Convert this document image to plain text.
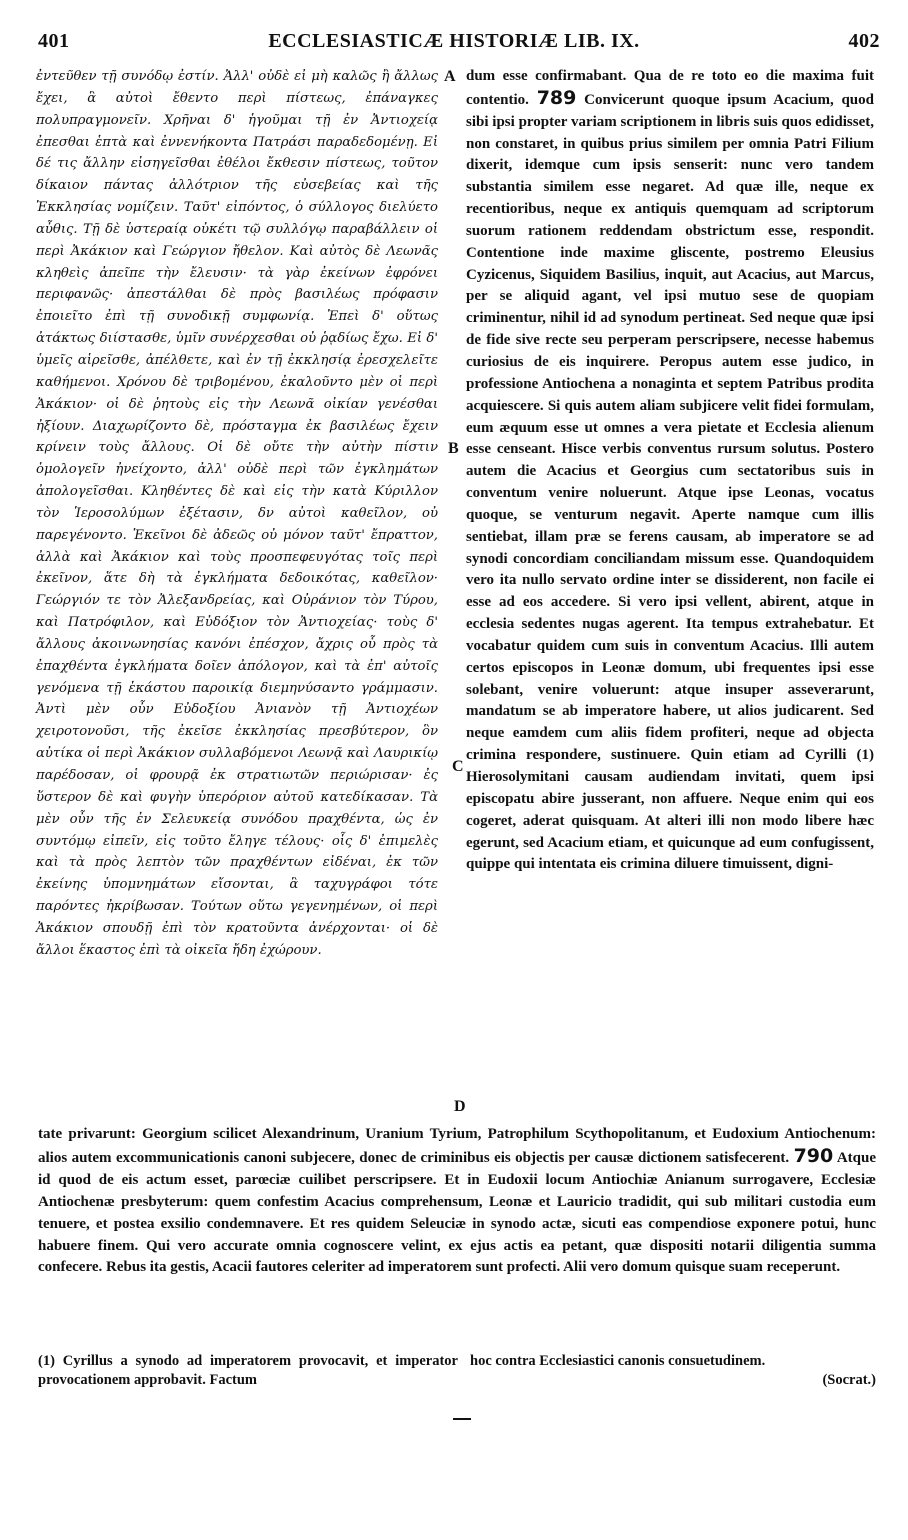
401	ECCLESIASTICÆ HISTORIÆ LIB. IX.	402

ἐντεῦθεν τῇ συνόδῳ ἐστίν. Ἀλλ' οὐδὲ εἰ μὴ καλῶς ἢ ἄλλως ἔχει, ἃ αὐτοὶ ἔθεντο περὶ πίστεως, ἐπάναγκες πολυπραγμονεῖν. Χρῆναι δ' ἡγοῦμαι τῇ ἐν Ἀντιοχείᾳ ἐπεσθαι ἑπτὰ καὶ ἐννενήκοντα Πατράσι παραδεδομένῃ. Εἰ δέ τις ἄλλην εἰσηγεῖσθαι ἐθέλοι ἔκθεσιν πίστεως, τοῦτον δίκαιον πάντας ἀλλότριον τῆς εὐσεβείας καὶ τῆς Ἐκκλησίας νομίζειν. Ταῦτ' εἰπόντος, ὁ σύλλογος διελύετο αὖθις. Τῇ δὲ ὑστεραίᾳ οὐκέτι τῷ συλλόγῳ παραβάλλειν οἱ περὶ Ἀκάκιον καὶ Γεώργιον ἤθελον. Καὶ αὐτὸς δὲ Λεωνᾶς κληθεὶς ἀπεῖπε τὴν ἔλευσιν· τὰ γὰρ ἐκείνων ἐφρόνει περιφανῶς· ἀπεστάλθαι δὲ πρὸς βασιλέως πρόφασιν ἐποιεῖτο ἐπὶ τῇ συνοδικῇ συμφωνίᾳ. Ἐπεὶ δ' οὕτως ἀτάκτως διίστασθε, ὑμῖν συνέρχεσθαι οὐ ῥᾳδίως ἔχω. Εἰ δ' ὑμεῖς αἱρεῖσθε, ἀπέλθετε, καὶ ἐν τῇ ἐκκλησίᾳ ἐρεσχελεῖτε καθήμενοι. Χρόνου δὲ τριβομένου, ἐκαλοῦντο μὲν οἱ περὶ Ἀκάκιον· οἱ δὲ ῥητοὺς εἰς τὴν Λεωνᾶ οἰκίαν γενέσθαι ἠξίουν. Διαχωρίζοντο δὲ, πρόσταγμα ἐκ βασιλέως ἔχειν κρίνειν τοὺς ἄλλους. Οἱ δὲ οὔτε τὴν αὐτὴν πίστιν ὁμολογεῖν ἠνείχοντο, ἀλλ' οὐδὲ περὶ τῶν ἐγκλημάτων ἀπολογεῖσθαι. Κληθέντες δὲ καὶ εἰς τὴν κατὰ Κύριλλον τὸν Ἱεροσολύμων ἐξέτασιν, δν αὐτοὶ καθεῖλον, οὐ παρεγένοντο. Ἐκεῖνοι δὲ ἀδεῶς οὐ μόνον ταῦτ' ἔπραττον, ἀλλὰ καὶ Ἀκάκιον καὶ τοὺς προσπεφευγότας τοῖς περὶ ἐκεῖνον, ἅτε δὴ τὰ ἐγκλήματα δεδοικότας, καθεῖλον· Γεώργιόν τε τὸν Ἀλεξανδρείας, καὶ Οὐράνιον τὸν Τύρου, καὶ Πατρόφιλον, καὶ Εὐδόξιον τὸν Ἀντιοχείας· τοὺς δ' ἄλλους ἀκοινωνησίας κανόνι ἐπέσχον, ἄχρις οὗ πρὸς τὰ ἐπαχθέντα ἐγκλήματα δοῖεν ἀπόλογον, καὶ τὰ ἐπ' αὐτοῖς γενόμενα τῇ ἑκάστου παροικίᾳ διεμηνύσαντο γράμμασιν. Ἀντὶ μὲν οὖν Εὐδοξίου Ἀνιανὸν τῇ Ἀντιοχέων χειροτονοῦσι, τῆς ἐκεῖσε ἐκκλησίας πρεσβύτερον, ὃν αὐτίκα οἱ περὶ Ἀκάκιον συλλαβόμενοι Λεωνᾷ καὶ Λαυρικίῳ παρέδοσαν, οἱ φρουρᾷ ἐκ στρατιωτῶν περιώρισαν· ἐς ὕστερον δὲ καὶ φυγὴν ὑπερόριον αὐτοῦ κατεδίκασαν. Τὰ μὲν οὖν τῆς ἐν Σελευκείᾳ συνόδου πραχθέντα, ὡς ἐν συντόμῳ εἰπεῖν, εἰς τοῦτο ἔληγε τέλους· οἷς δ' ἐπιμελὲς καὶ τὰ πρὸς λεπτὸν τῶν πραχθέντων εἰδέναι, ἐκ τῶν ἐκείνης ὑπομνημάτων εἴσονται, ἃ ταχυγράφοι τότε παρόντες ἠκρίβωσαν. Τούτων οὕτω γεγενημένων, οἱ περὶ Ἀκάκιον σπουδῇ ἐπὶ τὸν κρατοῦντα ἀνέρχονται· οἱ δὲ ἄλλοι ἕκαστος ἐπὶ τὰ οἰκεῖα ἤδη ἐχώρουν.

A
B
C
D

dum esse confirmabant. Qua de re toto eo die maxima fuit contentio. 789 Convicerunt quoque ipsum Acacium, quod sibi ipsi propter variam scriptionem in libris suis quos edidisset, non constaret, in quibus prius similem per omnia Patri Filium dixerit, idemque cum ipsis senserit: nunc vero tandem substantia similem esse negaret. Ad quæ ille, neque ex recentioribus, neque ex antiquis quemquam ad scriptorum suorum rationem reddendam obstrictum esse, respondit. Contentione inde maxime gliscente, postremo Eleusius Cyzicenus, Siquidem Basilius, inquit, aut Acacius, aut Marcus, per se aliquid agant, vel ipsi mutuo sese de quopiam criminentur, nihil id ad synodum pertineat. Sed neque quæ ipsi de fide sive recte seu perperam perscripsere, necesse habemus curiosius de eis inquirere. Peropus autem esse judico, in professione Antiochena a nonaginta et septem Patribus prodita acquiescere. Si quis autem aliam subjicere velit fidei formulam, eum æquum esse ut omnes a vera pietate et Ecclesia alienum esse censeant. Hisce verbis conventus rursum solutus. Postero autem die Acacius et Georgius cum sectatoribus suis in conventum venire noluerunt. Atque ipse Leonas, vocatus quoque, se venturum negavit. Aperte namque cum illis sentiebat, illam præ se ferens causam, ab imperatore se ad synodi concordiam conciliandam missum esse. Quandoquidem vero ita nullo servato ordine inter se dissiderent, non facile ei esse ad eos accedere. Si vero ipsi vellent, abirent, atque in ecclesia sedentes nugas agerent. Ita tempus extrahebatur. Et vocabatur quidem cum suis in conventum Acacius. Illi autem certos episcopos in Leonæ domum, ubi frequentes ipsi esse solebant, venire voluerunt: atque insuper asseverarunt, mandatum se ab imperatore habere, ut alios judicarent. Sed neque eamdem cum aliis fidem profiteri, neque ad objecta crimina respondere, sustinuere. Quin etiam ad Cyrilli (1) Hierosolymitani causam audiendam invitati, quem ipsi episcopatu abire jusserant, non affuere. Neque enim qui eos cogeret, aderat quisquam. At alteri illi non modo libere hæc egerunt, sed Acacium etiam, et quicunque ad eum confugissent, quippe qui intentata eis crimina diluere timuissent, digni-

tate privarunt: Georgium scilicet Alexandrinum, Uranium Tyrium, Patrophilum Scythopolitanum, et Eudoxium Antiochenum: alios autem excommunicationis canoni subjecere, donec de criminibus eis objectis per causæ dictionem satisfecerent. 790 Atque id quod de eis actum esset, parœciæ cuilibet perscripsere. Et in Eudoxii locum Antiochiæ Anianum surrogavere, Ecclesiæ Antiochenæ presbyterum: quem confestim Acacius comprehensum, Leonæ et Lauricio tradidit, qui sub militari custodia eum tenuere, et postea exsilio condemnavere. Et res quidem Seleuciæ in synodo actæ, sicuti eas compendiose exponere potui, hunc habuere finem. Qui vero accurate omnia cognoscere velint, ex ejus actis ea petant, quæ dispositi notarii diligentia summa confecere. Rebus ita gestis, Acacii fautores celeriter ad imperatorem sunt profecti. Alii vero domum quisque suam receperunt.

(1) Cyrillus a synodo ad imperatorem provocavit, et imperator provocationem approbavit. Factum
hoc contra Ecclesiastici canonis consuetudinem.
(Socrat.)
